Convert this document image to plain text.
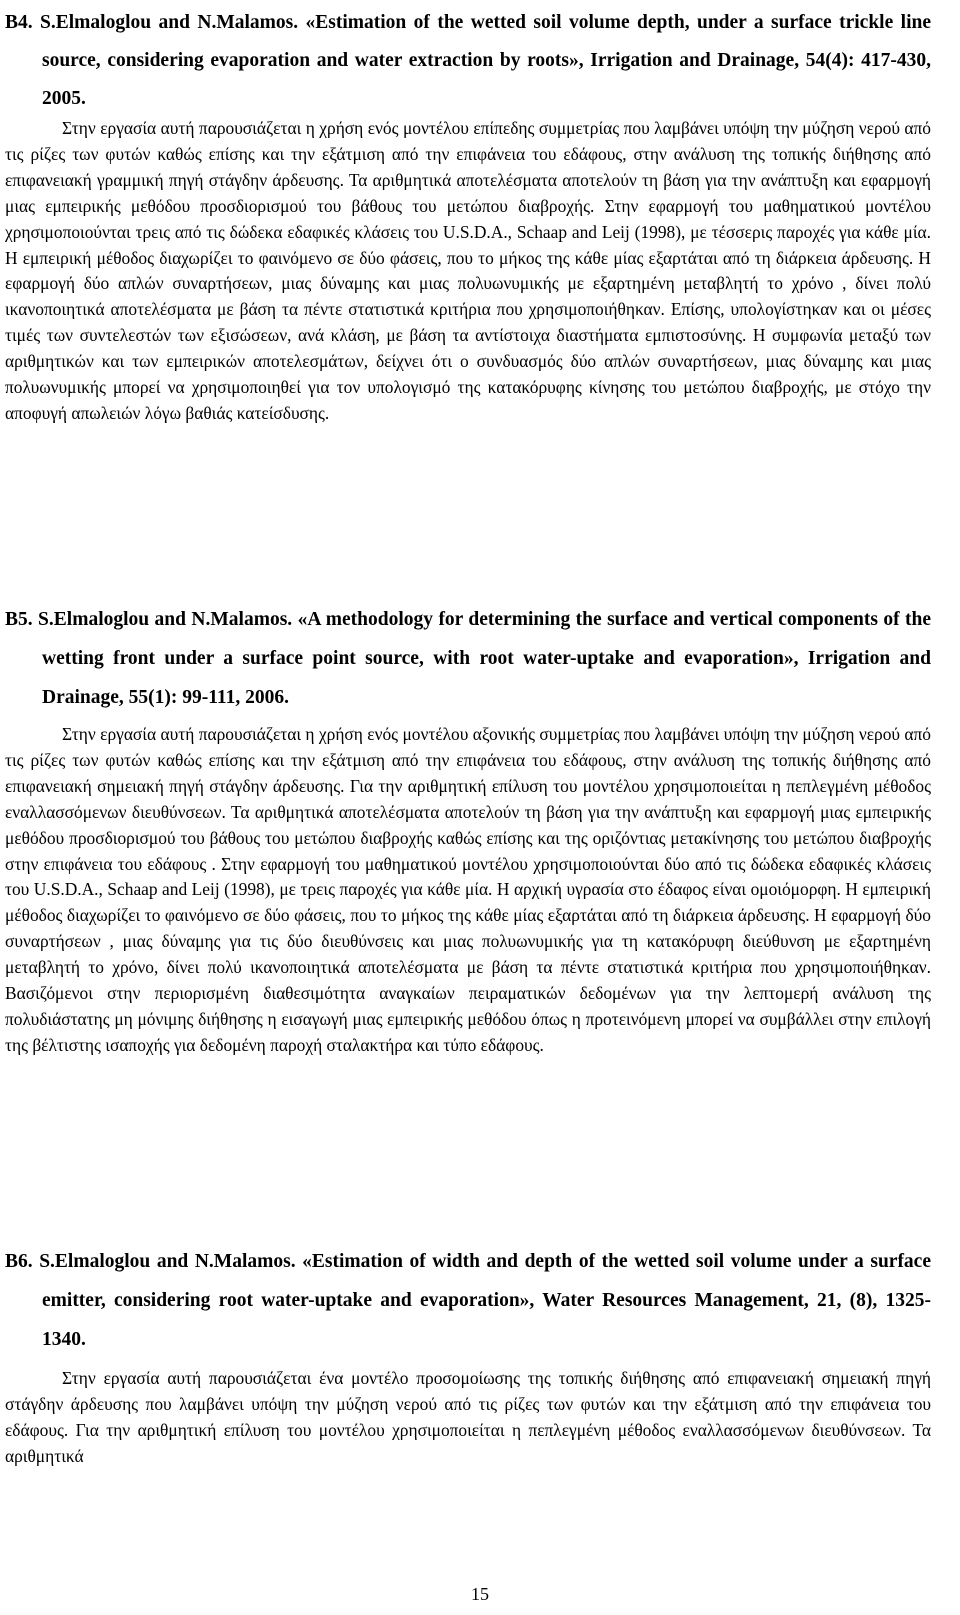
B4. S.Elmaloglou and N.Malamos. «Estimation of the wetted soil volume depth, under a surface trickle line source, considering evaporation and water extraction by roots», Irrigation and Drainage, 54(4): 417-430, 2005.
Στην εργασία αυτή παρουσιάζεται η χρήση ενός μοντέλου επίπεδης συμμετρίας που λαμβάνει υπόψη την μύζηση νερού από τις ρίζες των φυτών καθώς επίσης και την εξάτμιση από την επιφάνεια του εδάφους, στην ανάλυση της τοπικής διήθησης από επιφανειακή γραμμική πηγή στάγδην άρδευσης. Τα αριθμητικά αποτελέσματα αποτελούν τη βάση για την ανάπτυξη και εφαρμογή μιας εμπειρικής μεθόδου προσδιορισμού του βάθους του μετώπου διαβροχής. Στην εφαρμογή του μαθηματικού μοντέλου χρησιμοποιούνται τρεις από τις δώδεκα εδαφικές κλάσεις του U.S.D.A., Schaap and Leij (1998), με τέσσερις παροχές για κάθε μία. Η εμπειρική μέθοδος διαχωρίζει το φαινόμενο σε δύο φάσεις, που το μήκος της κάθε μίας εξαρτάται από τη διάρκεια άρδευσης. Η εφαρμογή δύο απλών συναρτήσεων, μιας δύναμης και μιας πολυωνυμικής με εξαρτημένη μεταβλητή το χρόνο , δίνει πολύ ικανοποιητικά αποτελέσματα με βάση τα πέντε στατιστικά κριτήρια που χρησιμοποιήθηκαν. Επίσης, υπολογίστηκαν και οι μέσες τιμές των συντελεστών των εξισώσεων, ανά κλάση, με βάση τα αντίστοιχα διαστήματα εμπιστοσύνης. Η συμφωνία μεταξύ των αριθμητικών και των εμπειρικών αποτελεσμάτων, δείχνει ότι ο συνδυασμός δύο απλών συναρτήσεων, μιας δύναμης και μιας πολυωνυμικής μπορεί να χρησιμοποιηθεί για τον υπολογισμό της κατακόρυφης κίνησης του μετώπου διαβροχής, με στόχο την αποφυγή απωλειών λόγω βαθιάς κατείσδυσης.
B5. S.Elmaloglou and N.Malamos. «A methodology for determining the surface and vertical components of the wetting front under a surface point source, with root water-uptake and evaporation», Irrigation and Drainage, 55(1): 99-111, 2006.
Στην εργασία αυτή παρουσιάζεται η χρήση ενός μοντέλου αξονικής συμμετρίας που λαμβάνει υπόψη την μύζηση νερού από τις ρίζες των φυτών καθώς επίσης και την εξάτμιση από την επιφάνεια του εδάφους, στην ανάλυση της τοπικής διήθησης από επιφανειακή σημειακή πηγή στάγδην άρδευσης. Για την αριθμητική επίλυση του μοντέλου χρησιμοποιείται η πεπλεγμένη μέθοδος εναλλασσόμενων διευθύνσεων. Τα αριθμητικά αποτελέσματα αποτελούν τη βάση για την ανάπτυξη και εφαρμογή μιας εμπειρικής μεθόδου προσδιορισμού του βάθους του μετώπου διαβροχής καθώς επίσης και της οριζόντιας μετακίνησης του μετώπου διαβροχής στην επιφάνεια του εδάφους . Στην εφαρμογή του μαθηματικού μοντέλου χρησιμοποιούνται δύο από τις δώδεκα εδαφικές κλάσεις του U.S.D.A., Schaap and Leij (1998), με τρεις παροχές για κάθε μία. Η αρχική υγρασία στο έδαφος είναι ομοιόμορφη. Η εμπειρική μέθοδος διαχωρίζει το φαινόμενο σε δύο φάσεις, που το μήκος της κάθε μίας εξαρτάται από τη διάρκεια άρδευσης. Η εφαρμογή δύο συναρτήσεων , μιας δύναμης για τις δύο διευθύνσεις και μιας πολυωνυμικής για τη κατακόρυφη διεύθυνση με εξαρτημένη μεταβλητή το χρόνο, δίνει πολύ ικανοποιητικά αποτελέσματα με βάση τα πέντε στατιστικά κριτήρια που χρησιμοποιήθηκαν. Βασιζόμενοι στην περιορισμένη διαθεσιμότητα αναγκαίων πειραματικών δεδομένων για την λεπτομερή ανάλυση της πολυδιάστατης μη μόνιμης διήθησης η εισαγωγή μιας εμπειρικής μεθόδου όπως η προτεινόμενη μπορεί να συμβάλλει στην επιλογή της βέλτιστης ισαποχής για δεδομένη παροχή σταλακτήρα και τύπο εδάφους.
B6. S.Elmaloglou and N.Malamos. «Estimation of width and depth of the wetted soil volume under a surface emitter, considering root water-uptake and evaporation», Water Resources Management, 21, (8), 1325-1340.
Στην εργασία αυτή παρουσιάζεται ένα μοντέλο προσομοίωσης της τοπικής διήθησης από επιφανειακή σημειακή πηγή στάγδην άρδευσης που λαμβάνει υπόψη την μύζηση νερού από τις ρίζες των φυτών και την εξάτμιση από την επιφάνεια του εδάφους. Για την αριθμητική επίλυση του μοντέλου χρησιμοποιείται η πεπλεγμένη μέθοδος εναλλασσόμενων διευθύνσεων. Τα αριθμητικά
15
